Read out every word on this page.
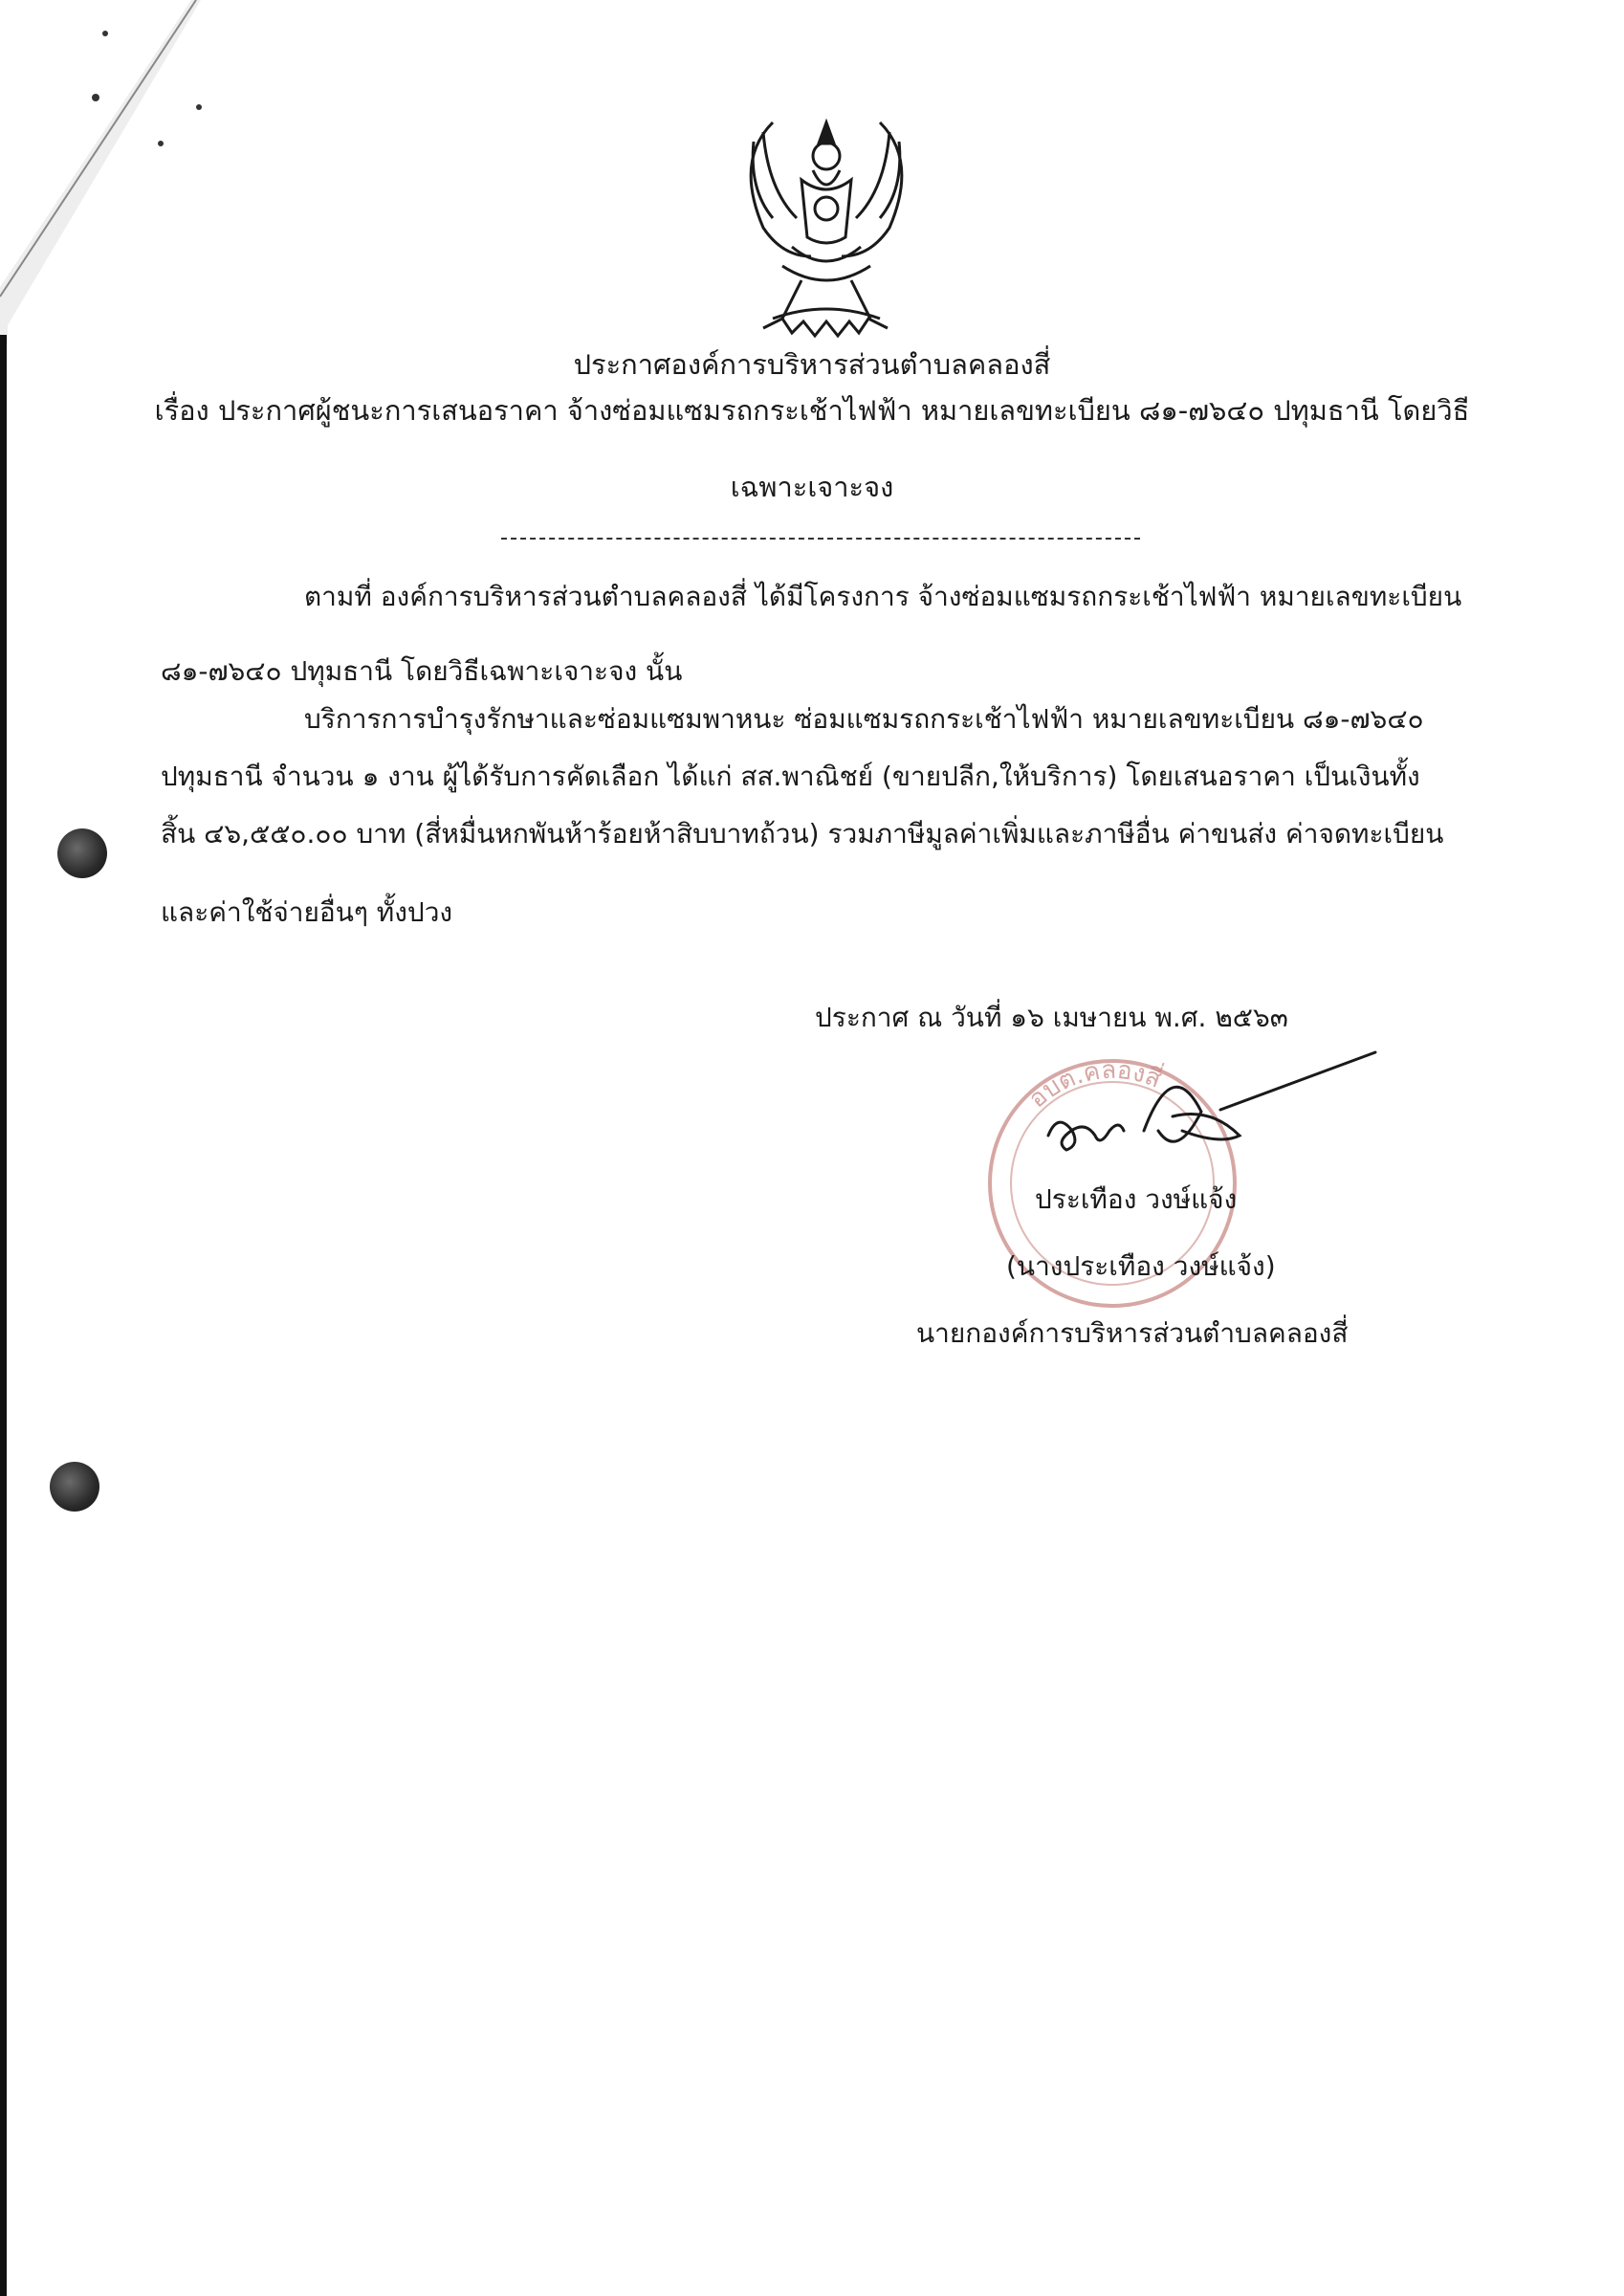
ประกาศองค์การบริหารส่วนตำบลคลองสี่
เรื่อง ประกาศผู้ชนะการเสนอราคา จ้างซ่อมแซมรถกระเช้าไฟฟ้า หมายเลขทะเบียน ๘๑-๗๖๔๐ ปทุมธานี โดยวิธี
เฉพาะเจาะจง
ตามที่ องค์การบริหารส่วนตำบลคลองสี่ ได้มีโครงการ จ้างซ่อมแซมรถกระเช้าไฟฟ้า หมายเลขทะเบียน
๘๑-๗๖๔๐ ปทุมธานี โดยวิธีเฉพาะเจาะจง นั้น
บริการการบำรุงรักษาและซ่อมแซมพาหนะ ซ่อมแซมรถกระเช้าไฟฟ้า หมายเลขทะเบียน ๘๑-๗๖๔๐
ปทุมธานี จำนวน ๑ งาน ผู้ได้รับการคัดเลือก ได้แก่ สส.พาณิชย์ (ขายปลีก,ให้บริการ) โดยเสนอราคา เป็นเงินทั้ง
สิ้น ๔๖,๕๕๐.๐๐ บาท (สี่หมื่นหกพันห้าร้อยห้าสิบบาทถ้วน) รวมภาษีมูลค่าเพิ่มและภาษีอื่น ค่าขนส่ง ค่าจดทะเบียน
และค่าใช้จ่ายอื่นๆ ทั้งปวง
ประกาศ ณ วันที่ ๑๖ เมษายน พ.ศ. ๒๕๖๓
อบต.คลองสี่
ประเทือง วงษ์แจ้ง
(นางประเทือง วงษ์แจ้ง)
นายกองค์การบริหารส่วนตำบลคลองสี่
